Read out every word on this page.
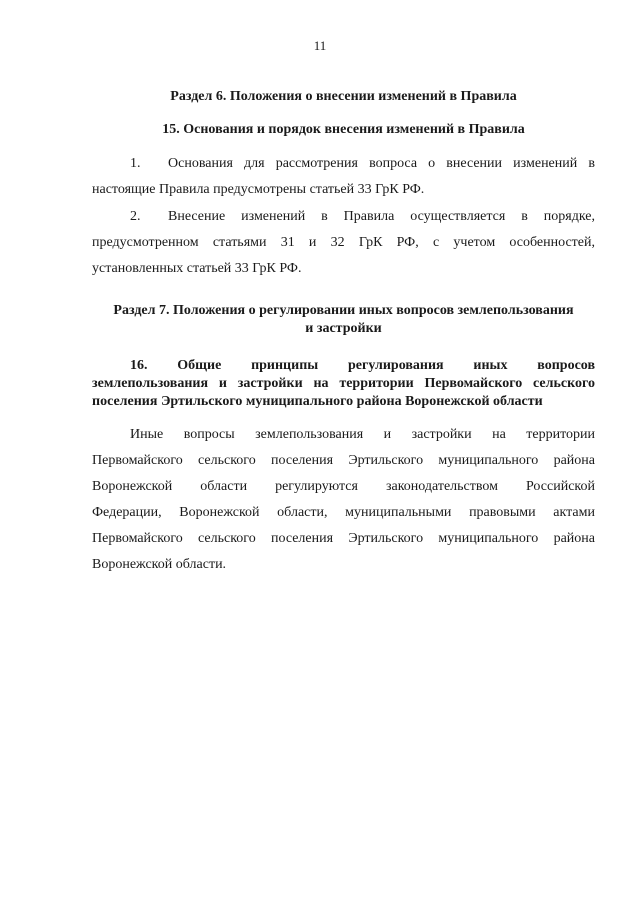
11
Раздел 6. Положения о внесении изменений в Правила
15. Основания и порядок внесения изменений в Правила
1. Основания для рассмотрения вопроса о внесении изменений в
настоящие Правила предусмотрены статьей 33 ГрК РФ.
2. Внесение изменений в Правила осуществляется в порядке,
предусмотренном статьями 31 и 32 ГрК РФ, с учетом особенностей,
установленных статьей 33 ГрК РФ.
Раздел 7. Положения о регулировании иных вопросов землепользования
и застройки
16. Общие принципы регулирования иных вопросов
землепользования и застройки на территории Первомайского сельского
поселения Эртильского муниципального района Воронежской области
Иные вопросы землепользования и застройки на территории
Первомайского сельского поселения Эртильского муниципального района
Воронежской области регулируются законодательством Российской
Федерации, Воронежской области, муниципальными правовыми актами
Первомайского сельского поселения Эртильского муниципального района
Воронежской области.
